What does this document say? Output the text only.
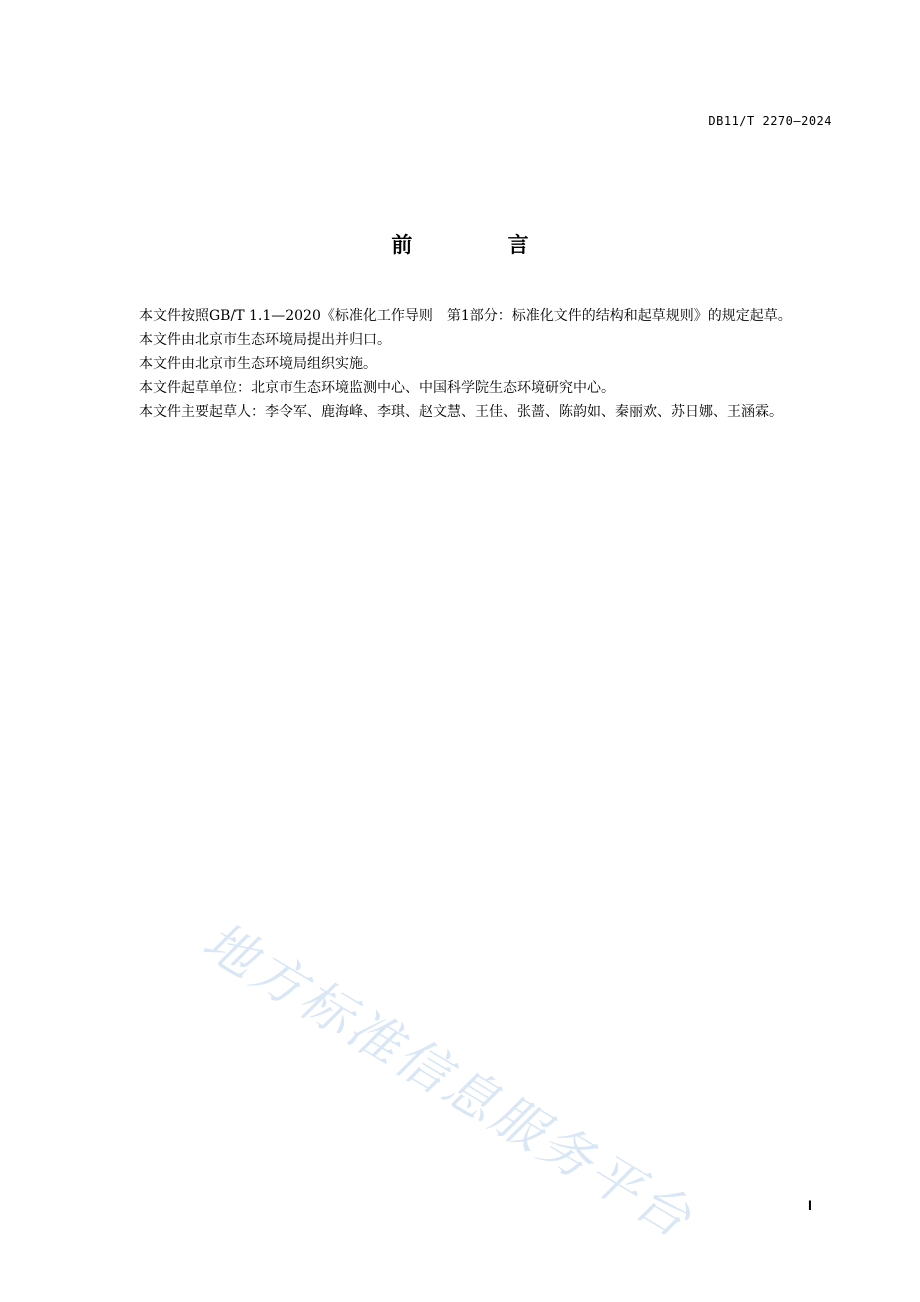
DB11/T 2270—2024
前 言

本文件按照GB/T 1.1—2020《标准化工作导则　第1部分：标准化文件的结构和起草规则》的规定起草。

本文件由北京市生态环境局提出并归口。

本文件由北京市生态环境局组织实施。

本文件起草单位：北京市生态环境监测中心、中国科学院生态环境研究中心。

本文件主要起草人：李令军、鹿海峰、李琪、赵文慧、王佳、张蔷、陈韵如、秦丽欢、苏日娜、王涵霖。

地方标准信息服务平台	I
